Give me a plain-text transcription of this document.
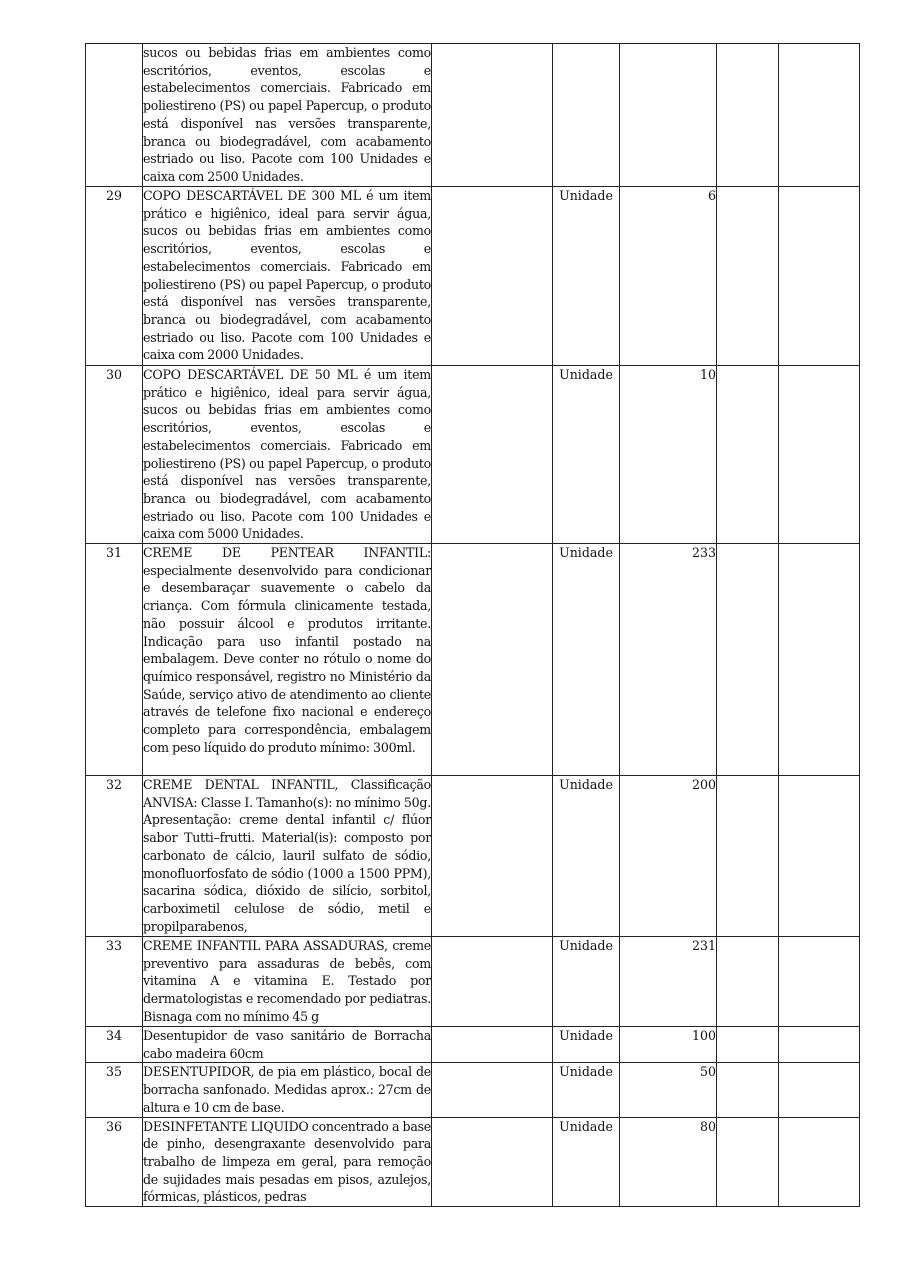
	sucos ou bebidas frias em ambientes como escritórios, eventos, escolas e estabelecimentos comerciais. Fabricado em poliestireno (PS) ou papel Papercup, o produto está disponível nas versões transparente, branca ou biodegradável, com acabamento estriado ou liso. Pacote com 100 Unidades e caixa com 2500 Unidades.					

29	COPO DESCARTÁVEL DE 300 ML é um item prático e higiênico, ideal para servir água, sucos ou bebidas frias em ambientes como escritórios, eventos, escolas e estabelecimentos comerciais. Fabricado em poliestireno (PS) ou papel Papercup, o produto está disponível nas versões transparente, branca ou biodegradável, com acabamento estriado ou liso. Pacote com 100 Unidades e caixa com 2000 Unidades.		Unidade	6		
30	COPO DESCARTÁVEL DE 50 ML é um item prático e higiênico, ideal para servir água, sucos ou bebidas frias em ambientes como escritórios, eventos, escolas e estabelecimentos comerciais. Fabricado em poliestireno (PS) ou papel Papercup, o produto está disponível nas versões transparente, branca ou biodegradável, com acabamento estriado ou liso. Pacote com 100 Unidades e caixa com 5000 Unidades.		Unidade	10		
31	CREME DE PENTEAR INFANTIL: especialmente desenvolvido para condicionar e desembaraçar suavemente o cabelo da criança. Com fórmula clinicamente testada, não possuir álcool e produtos irritante. Indicação para uso infantil postado na embalagem. Deve conter no rótulo o nome do químico responsável, registro no Ministério da Saúde, serviço ativo de atendimento ao cliente através de telefone fixo nacional e endereço completo para correspondência, embalagem com peso líquido do produto mínimo: 300ml.		Unidade	233		
32	CREME DENTAL INFANTIL, Classificação ANVISA: Classe I. Tamanho(s): no mínimo 50g. Apresentação: creme dental infantil c/ flúor sabor Tutti–frutti. Material(is): composto por carbonato de cálcio, lauril sulfato de sódio, monofluorfosfato de sódio (1000 a 1500 PPM), sacarina sódica, dióxido de silício, sorbitol, carboximetil celulose de sódio, metil e propilparabenos,		Unidade	200		
33	CREME INFANTIL PARA ASSADURAS, creme preventivo para assaduras de bebês, com vitamina A e vitamina E. Testado por dermatologistas e recomendado por pediatras. Bisnaga com no mínimo 45 g		Unidade	231		
34	Desentupidor de vaso sanitário de Borracha cabo madeira 60cm		Unidade	100		
35	DESENTUPIDOR, de pia em plástico, bocal de borracha sanfonado. Medidas aprox.: 27cm de altura e 10 cm de base.		Unidade	50		
36	DESINFETANTE LIQUIDO concentrado a base de pinho, desengraxante desenvolvido para trabalho de limpeza em geral, para remoção de sujidades mais pesadas em pisos, azulejos, fórmicas, plásticos, pedras		Unidade	80		
